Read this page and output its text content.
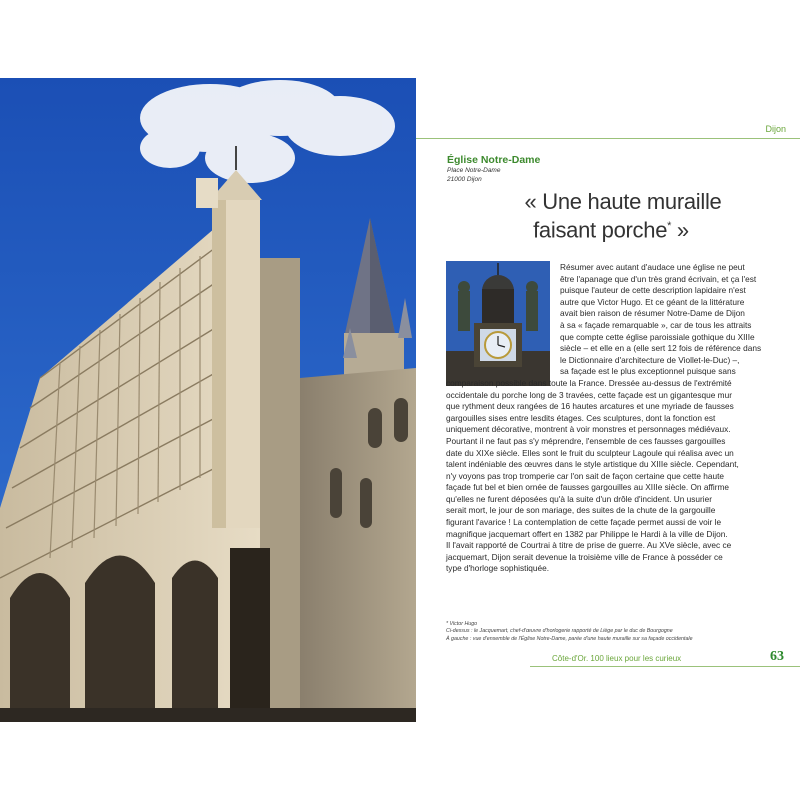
Dijon
Église Notre-Dame
Place Notre-Dame
21000 Dijon
« Une haute muraille
faisant porche* »
Résumer avec autant d'audace une église ne peut
être l'apanage que d'un très grand écrivain, et ça l'est
puisque l'auteur de cette description lapidaire n'est
autre que Victor Hugo. Et ce géant de la littérature
avait bien raison de résumer Notre-Dame de Dijon
à sa « façade remarquable », car de tous les attraits
que compte cette église paroissiale gothique du XIIIe
siècle – et elle en a (elle sert 12 fois de référence dans
le Dictionnaire d'architecture de Viollet-le-Duc) –,
sa façade est le plus exceptionnel puisque sans
comparaison possible dans toute la France. Dressée au-dessus de l'extrémité
occidentale du porche long de 3 travées, cette façade est un gigantesque mur
que rythment deux rangées de 16 hautes arcatures et une myriade de fausses
gargouilles sises entre lesdits étages. Ces sculptures, dont la fonction est
uniquement décorative, montrent à voir monstres et personnages médiévaux.
Pourtant il ne faut pas s'y méprendre, l'ensemble de ces fausses gargouilles
date du XIXe siècle. Elles sont le fruit du sculpteur Lagoule qui réalisa avec un
talent indéniable des œuvres dans le style artistique du XIIIe siècle. Cependant,
n'y voyons pas trop tromperie car l'on sait de façon certaine que cette haute
façade fut bel et bien ornée de fausses gargouilles au XIIIe siècle. On affirme
qu'elles ne furent déposées qu'à la suite d'un drôle d'incident. Un usurier
serait mort, le jour de son mariage, des suites de la chute de la gargouille
figurant l'avarice ! La contemplation de cette façade permet aussi de voir le
magnifique jacquemart offert en 1382 par Philippe le Hardi à la ville de Dijon.
Il l'avait rapporté de Courtrai à titre de prise de guerre. Au XVe siècle, avec ce
jacquemart, Dijon serait devenue la troisième ville de France à posséder ce
type d'horloge sophistiquée.
* Victor Hugo
Ci-dessus : le Jacquemart, chef-d'œuvre d'horlogerie rapporté de Liège par le duc de Bourgogne
À gauche : vue d'ensemble de l'Église Notre-Dame, parée d'une haute muraille sur sa façade occidentale
Côte-d'Or. 100 lieux pour les curieux	63
